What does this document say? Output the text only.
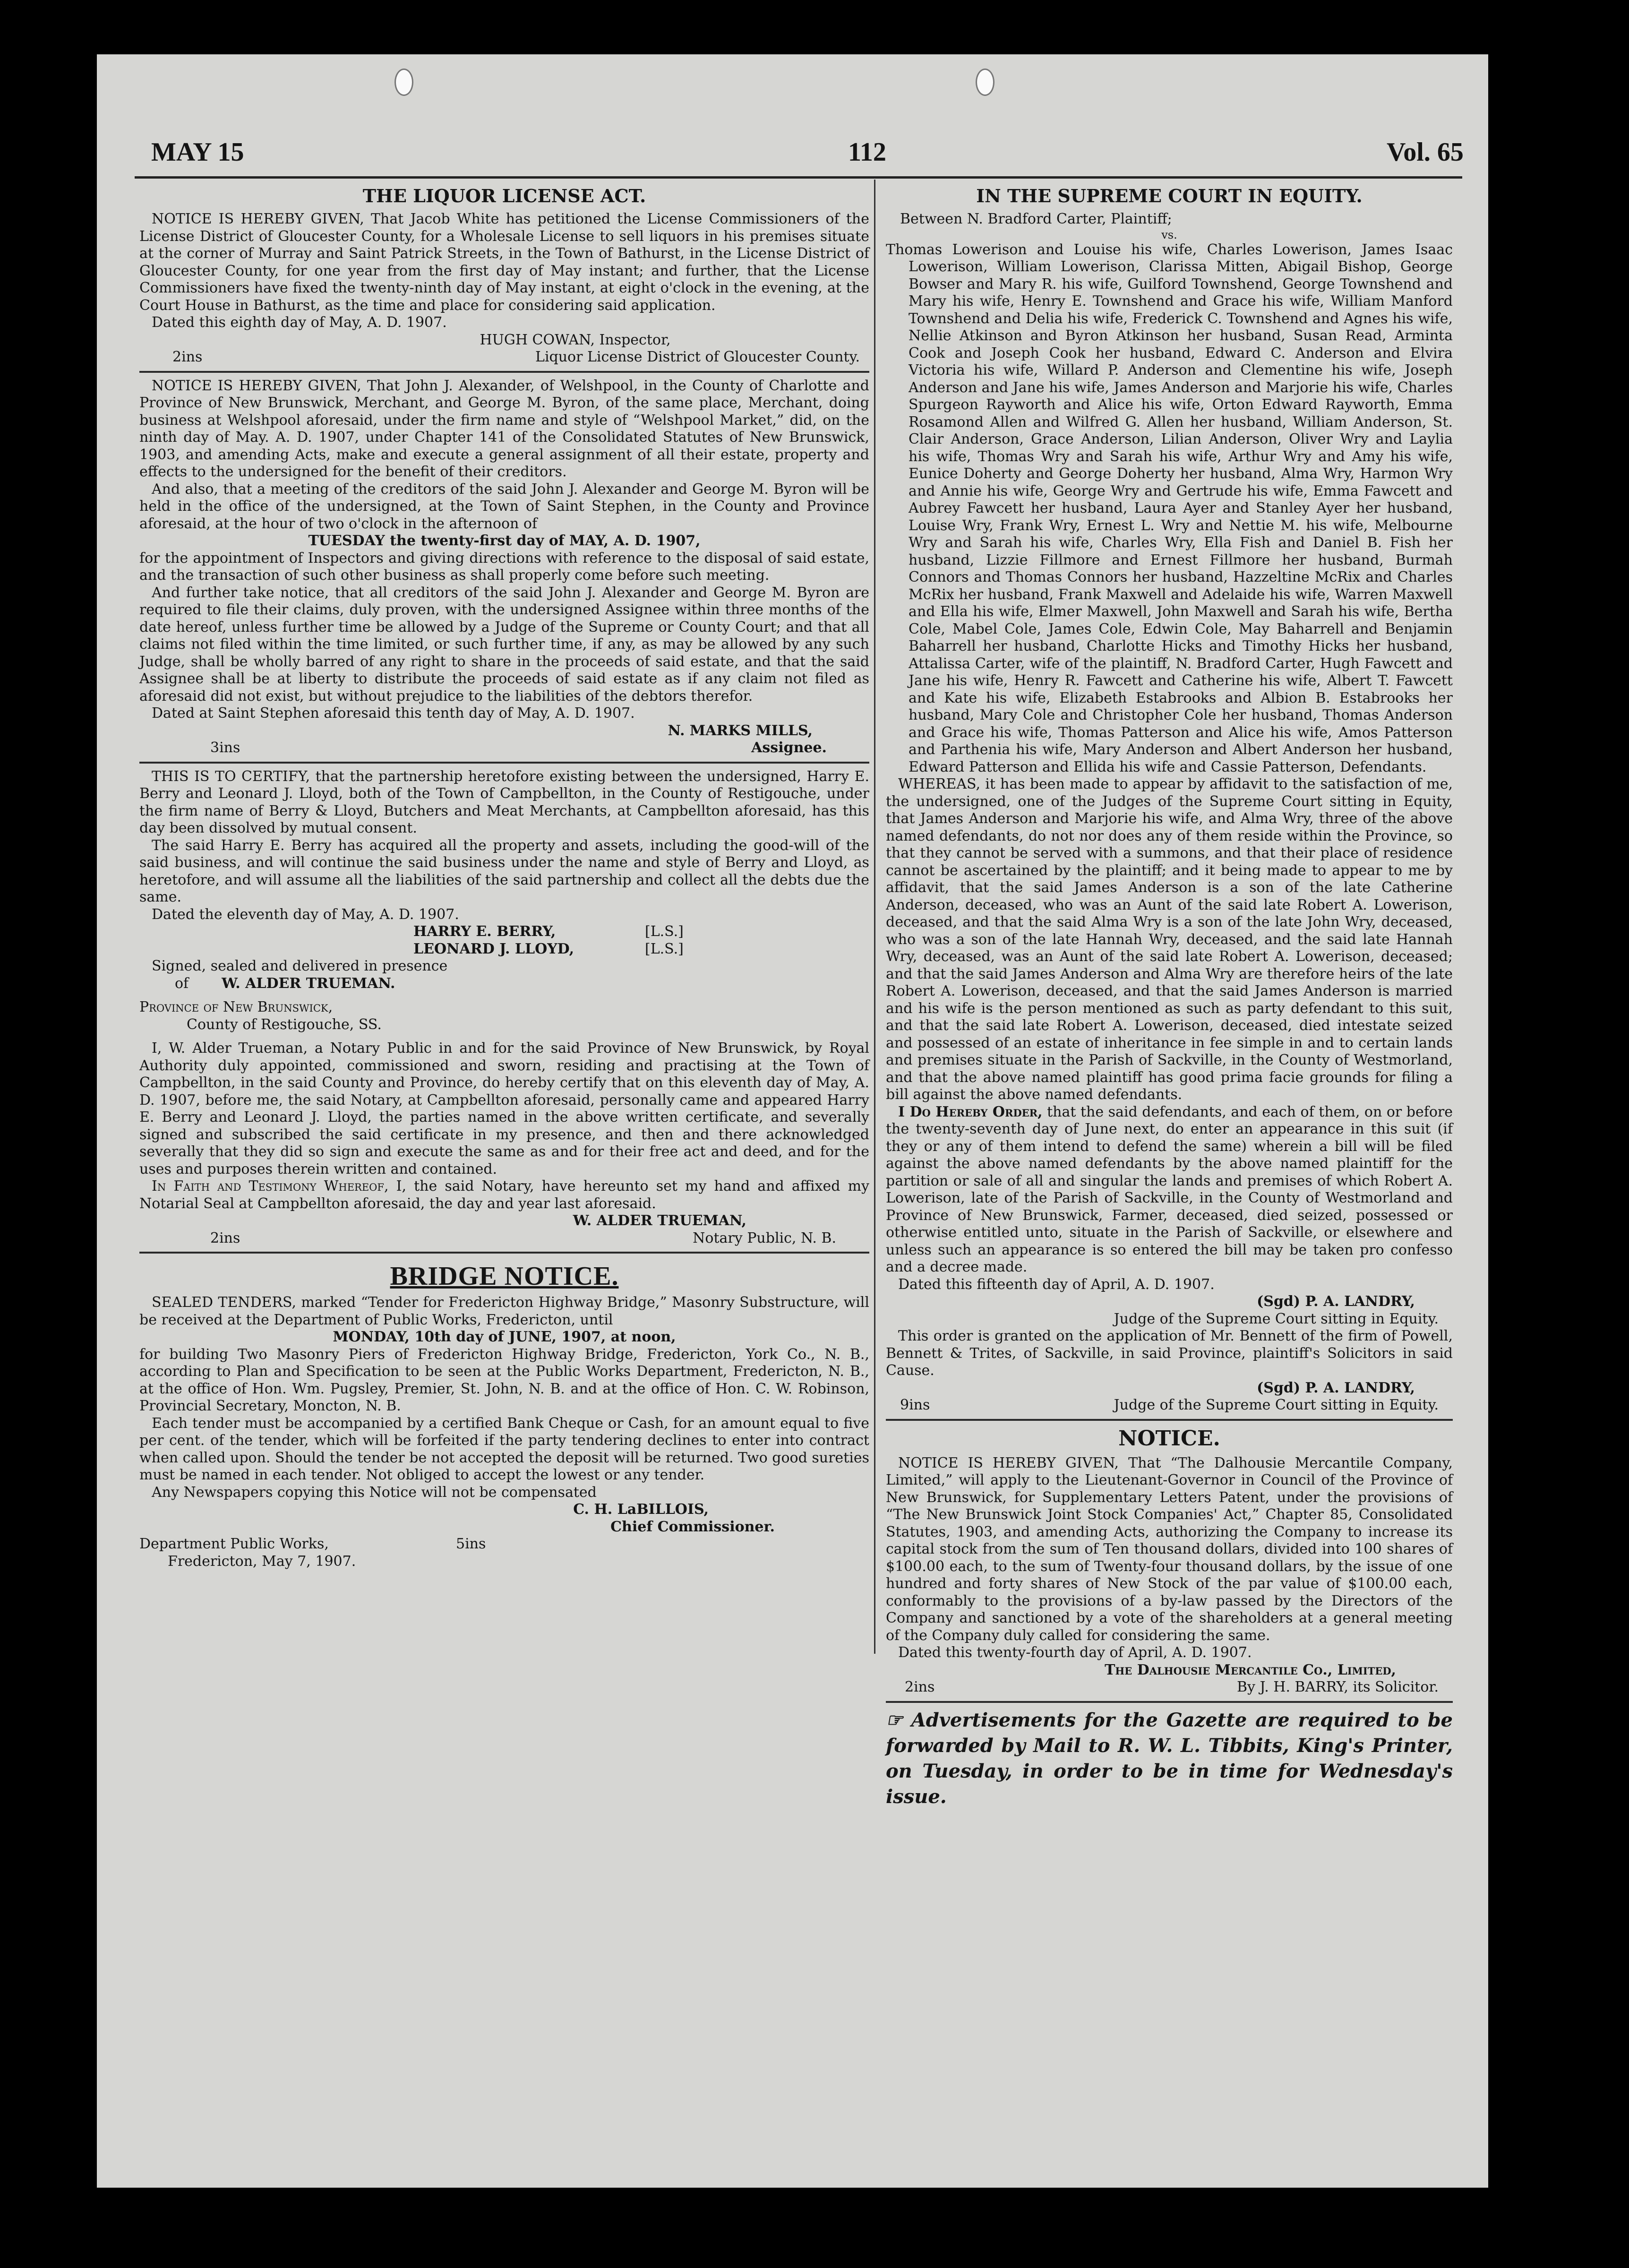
MAY 15	112	Vol. 65
THE LIQUOR LICENSE ACT.

NOTICE IS HEREBY GIVEN, That Jacob White has petitioned the License Commissioners of the License District of Gloucester County, for a Wholesale License to sell liquors in his premises situate at the corner of Murray and Saint Patrick Streets, in the Town of Bathurst, in the License District of Gloucester County, for one year from the first day of May instant; and further, that the License Commissioners have fixed the twenty-ninth day of May instant, at eight o'clock in the evening, at the Court House in Bathurst, as the time and place for considering said application.

Dated this eighth day of May, A. D. 1907.

HUGH COWAN, Inspector,

2ins	Liquor License District of Gloucester County.

NOTICE IS HEREBY GIVEN, That John J. Alexander, of Welshpool, in the County of Charlotte and Province of New Brunswick, Merchant, and George M. Byron, of the same place, Merchant, doing business at Welshpool aforesaid, under the firm name and style of “Welshpool Market,” did, on the ninth day of May. A. D. 1907, under Chapter 141 of the Consolidated Statutes of New Brunswick, 1903, and amending Acts, make and execute a general assignment of all their estate, property and effects to the undersigned for the benefit of their creditors.

And also, that a meeting of the creditors of the said John J. Alexander and George M. Byron will be held in the office of the undersigned, at the Town of Saint Stephen, in the County and Province aforesaid, at the hour of two o'clock in the afternoon of

TUESDAY the twenty-first day of MAY, A. D. 1907,

for the appointment of Inspectors and giving directions with reference to the disposal of said estate, and the transaction of such other business as shall properly come before such meeting.

And further take notice, that all creditors of the said John J. Alexander and George M. Byron are required to file their claims, duly proven, with the undersigned Assignee within three months of the date hereof, unless further time be allowed by a Judge of the Supreme or County Court; and that all claims not filed within the time limited, or such further time, if any, as may be allowed by any such Judge, shall be wholly barred of any right to share in the proceeds of said estate, and that the said Assignee shall be at liberty to distribute the proceeds of said estate as if any claim not filed as aforesaid did not exist, but without prejudice to the liabilities of the debtors therefor.

Dated at Saint Stephen aforesaid this tenth day of May, A. D. 1907.

N. MARKS MILLS,

3ins	Assignee.

THIS IS TO CERTIFY, that the partnership heretofore existing between the undersigned, Harry E. Berry and Leonard J. Lloyd, both of the Town of Campbellton, in the County of Restigouche, under the firm name of Berry & Lloyd, Butchers and Meat Merchants, at Campbellton aforesaid, has this day been dissolved by mutual consent.

The said Harry E. Berry has acquired all the property and assets, including the good-will of the said business, and will continue the said business under the name and style of Berry and Lloyd, as heretofore, and will assume all the liabilities of the said partnership and collect all the debts due the same.

Dated the eleventh day of May, A. D. 1907.

HARRY E. BERRY,	[L.S.]
LEONARD J. LLOYD,	[L.S.]

Signed, sealed and delivered in presence

of W. ALDER TRUEMAN.

Province of New Brunswick,

County of Restigouche, SS.

I, W. Alder Trueman, a Notary Public in and for the said Province of New Brunswick, by Royal Authority duly appointed, commissioned and sworn, residing and practising at the Town of Campbellton, in the said County and Province, do hereby certify that on this eleventh day of May, A. D. 1907, before me, the said Notary, at Campbellton aforesaid, personally came and appeared Harry E. Berry and Leonard J. Lloyd, the parties named in the above written certificate, and severally signed and subscribed the said certificate in my presence, and then and there acknowledged severally that they did so sign and execute the same as and for their free act and deed, and for the uses and purposes therein written and contained.

In Faith and Testimony Whereof, I, the said Notary, have hereunto set my hand and affixed my Notarial Seal at Campbellton aforesaid, the day and year last aforesaid.

W. ALDER TRUEMAN,

2ins	Notary Public, N. B.
BRIDGE NOTICE.

SEALED TENDERS, marked “Tender for Fredericton Highway Bridge,” Masonry Substructure, will be received at the Department of Public Works, Fredericton, until

MONDAY, 10th day of JUNE, 1907, at noon,

for building Two Masonry Piers of Fredericton Highway Bridge, Fredericton, York Co., N. B., according to Plan and Specification to be seen at the Public Works Department, Fredericton, N. B., at the office of Hon. Wm. Pugsley, Premier, St. John, N. B. and at the office of Hon. C. W. Robinson, Provincial Secretary, Moncton, N. B.

Each tender must be accompanied by a certified Bank Cheque or Cash, for an amount equal to five per cent. of the tender, which will be forfeited if the party tendering declines to enter into contract when called upon. Should the tender be not accepted the deposit will be returned. Two good sureties must be named in each tender. Not obliged to accept the lowest or any tender.

Any Newspapers copying this Notice will not be compensated

C. H. LaBILLOIS,

Chief Commissioner.

Department Public Works,	5ins

Fredericton, May 7, 1907.

IN THE SUPREME COURT IN EQUITY.

Between N. Bradford Carter, Plaintiff;

vs.

Thomas Lowerison and Louise his wife, Charles Lowerison, James Isaac Lowerison, William Lowerison, Clarissa Mitten, Abigail Bishop, George Bowser and Mary R. his wife, Guilford Townshend, George Townshend and Mary his wife, Henry E. Townshend and Grace his wife, William Manford Townshend and Delia his wife, Frederick C. Townshend and Agnes his wife, Nellie Atkinson and Byron Atkinson her husband, Susan Read, Arminta Cook and Joseph Cook her husband, Edward C. Anderson and Elvira Victoria his wife, Willard P. Anderson and Clementine his wife, Joseph Anderson and Jane his wife, James Anderson and Marjorie his wife, Charles Spurgeon Rayworth and Alice his wife, Orton Edward Rayworth, Emma Rosamond Allen and Wilfred G. Allen her husband, William Anderson, St. Clair Anderson, Grace Anderson, Lilian Anderson, Oliver Wry and Laylia his wife, Thomas Wry and Sarah his wife, Arthur Wry and Amy his wife, Eunice Doherty and George Doherty her husband, Alma Wry, Harmon Wry and Annie his wife, George Wry and Gertrude his wife, Emma Fawcett and Aubrey Fawcett her husband, Laura Ayer and Stanley Ayer her husband, Louise Wry, Frank Wry, Ernest L. Wry and Nettie M. his wife, Melbourne Wry and Sarah his wife, Charles Wry, Ella Fish and Daniel B. Fish her husband, Lizzie Fillmore and Ernest Fillmore her husband, Burmah Connors and Thomas Connors her husband, Hazzeltine McRix and Charles McRix her husband, Frank Maxwell and Adelaide his wife, Warren Maxwell and Ella his wife, Elmer Maxwell, John Maxwell and Sarah his wife, Bertha Cole, Mabel Cole, James Cole, Edwin Cole, May Baharrell and Benjamin Baharrell her husband, Charlotte Hicks and Timothy Hicks her husband, Attalissa Carter, wife of the plaintiff, N. Bradford Carter, Hugh Fawcett and Jane his wife, Henry R. Fawcett and Catherine his wife, Albert T. Fawcett and Kate his wife, Elizabeth Estabrooks and Albion B. Estabrooks her husband, Mary Cole and Christopher Cole her husband, Thomas Anderson and Grace his wife, Thomas Patterson and Alice his wife, Amos Patterson and Parthenia his wife, Mary Anderson and Albert Anderson her husband, Edward Patterson and Ellida his wife and Cassie Patterson, Defendants.

WHEREAS, it has been made to appear by affidavit to the satisfaction of me, the undersigned, one of the Judges of the Supreme Court sitting in Equity, that James Anderson and Marjorie his wife, and Alma Wry, three of the above named defendants, do not nor does any of them reside within the Province, so that they cannot be served with a summons, and that their place of residence cannot be ascertained by the plaintiff; and it being made to appear to me by affidavit, that the said James Anderson is a son of the late Catherine Anderson, deceased, who was an Aunt of the said late Robert A. Lowerison, deceased, and that the said Alma Wry is a son of the late John Wry, deceased, who was a son of the late Hannah Wry, deceased, and the said late Hannah Wry, deceased, was an Aunt of the said late Robert A. Lowerison, deceased; and that the said James Anderson and Alma Wry are therefore heirs of the late Robert A. Lowerison, deceased, and that the said James Anderson is married and his wife is the person mentioned as such as party defendant to this suit, and that the said late Robert A. Lowerison, deceased, died intestate seized and possessed of an estate of inheritance in fee simple in and to certain lands and premises situate in the Parish of Sackville, in the County of Westmorland, and that the above named plaintiff has good prima facie grounds for filing a bill against the above named defendants.

I Do Hereby Order, that the said defendants, and each of them, on or before the twenty-seventh day of June next, do enter an appearance in this suit (if they or any of them intend to defend the same) wherein a bill will be filed against the above named defendants by the above named plaintiff for the partition or sale of all and singular the lands and premises of which Robert A. Lowerison, late of the Parish of Sackville, in the County of Westmorland and Province of New Brunswick, Farmer, deceased, died seized, possessed or otherwise entitled unto, situate in the Parish of Sackville, or elsewhere and unless such an appearance is so entered the bill may be taken pro confesso and a decree made.

Dated this fifteenth day of April, A. D. 1907.

(Sgd) P. A. LANDRY,

Judge of the Supreme Court sitting in Equity.

This order is granted on the application of Mr. Bennett of the firm of Powell, Bennett & Trites, of Sackville, in said Province, plaintiff's Solicitors in said Cause.

(Sgd) P. A. LANDRY,

9ins	Judge of the Supreme Court sitting in Equity.
NOTICE.

NOTICE IS HEREBY GIVEN, That “The Dalhousie Mercantile Company, Limited,” will apply to the Lieutenant-Governor in Council of the Province of New Brunswick, for Supplementary Letters Patent, under the provisions of “The New Brunswick Joint Stock Companies' Act,” Chapter 85, Consolidated Statutes, 1903, and amending Acts, authorizing the Company to increase its capital stock from the sum of Ten thousand dollars, divided into 100 shares of $100.00 each, to the sum of Twenty-four thousand dollars, by the issue of one hundred and forty shares of New Stock of the par value of $100.00 each, conformably to the provisions of a by-law passed by the Directors of the Company and sanctioned by a vote of the shareholders at a general meeting of the Company duly called for considering the same.

Dated this twenty-fourth day of April, A. D. 1907.

The Dalhousie Mercantile Co., Limited,

2ins	By J. H. BARRY, its Solicitor.

☞ Advertisements for the Gazette are required to be forwarded by Mail to R. W. L. Tibbits, King's Printer, on Tuesday, in order to be in time for Wednesday's issue.
